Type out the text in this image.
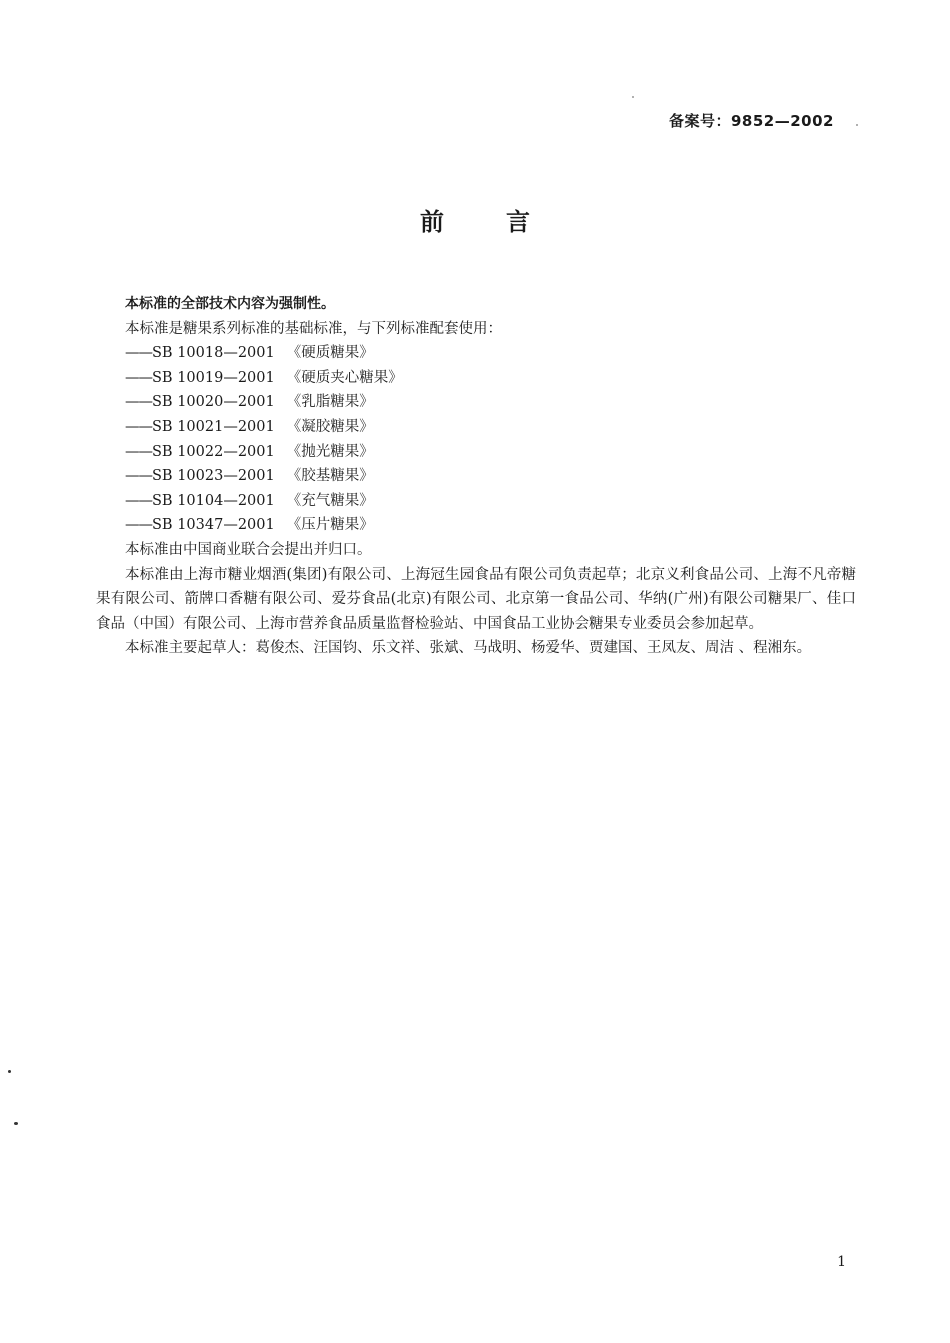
备案号：9852—2002
前言

本标准的全部技术内容为强制性。

本标准是糖果系列标准的基础标准，与下列标准配套使用：

——SB 10018—2001 《硬质糖果》

——SB 10019—2001 《硬质夹心糖果》

——SB 10020—2001 《乳脂糖果》

——SB 10021—2001 《凝胶糖果》

——SB 10022—2001 《抛光糖果》

——SB 10023—2001 《胶基糖果》

——SB 10104—2001 《充气糖果》

——SB 10347—2001 《压片糖果》

本标准由中国商业联合会提出并归口。

本标准由上海市糖业烟酒(集团)有限公司、上海冠生园食品有限公司负责起草；北京义利食品公司、上海不凡帝糖果有限公司、箭牌口香糖有限公司、爱芬食品(北京)有限公司、北京第一食品公司、华纳(广州)有限公司糖果厂、佳口食品（中国）有限公司、上海市营养食品质量监督检验站、中国食品工业协会糖果专业委员会参加起草。

本标准主要起草人：葛俊杰、汪国钧、乐文祥、张斌、马战明、杨爱华、贾建国、王凤友、周洁 、程湘东。

1
